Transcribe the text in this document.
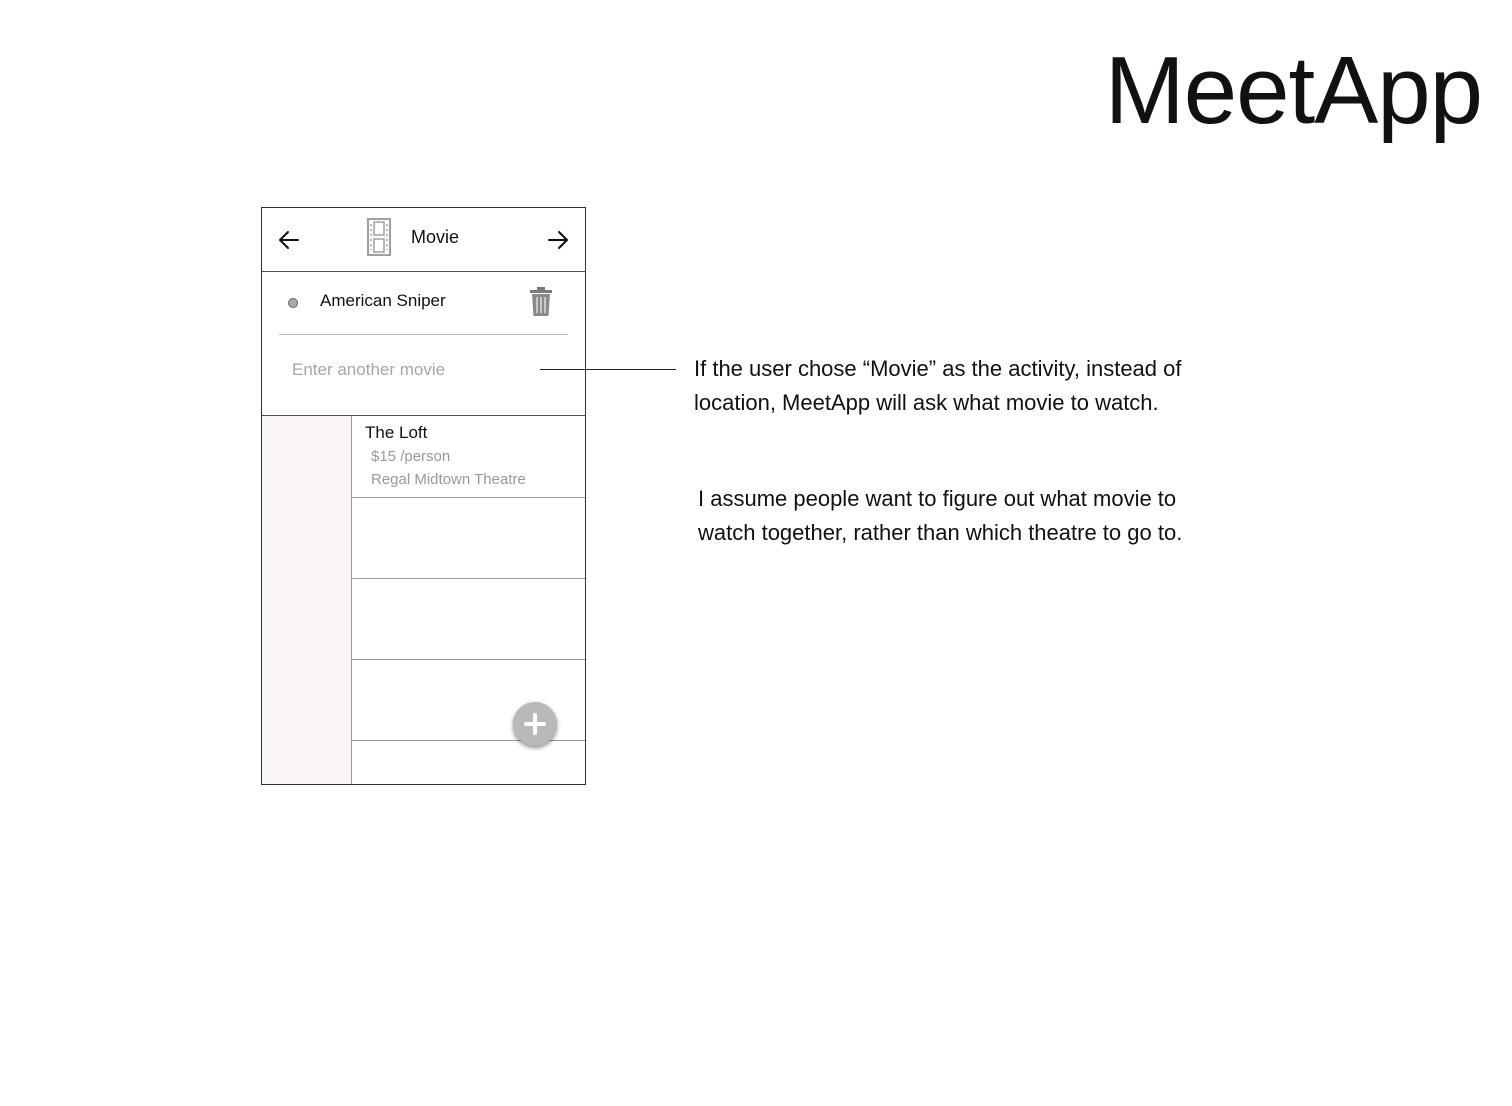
MeetApp
Movie
American Sniper
Enter another movie
The Loft
$15 /person
Regal Midtown Theatre
If the user chose “Movie” as the activity, instead of location, MeetApp will ask what movie to watch.
I assume people want to figure out what movie to watch together, rather than which theatre to go to.
